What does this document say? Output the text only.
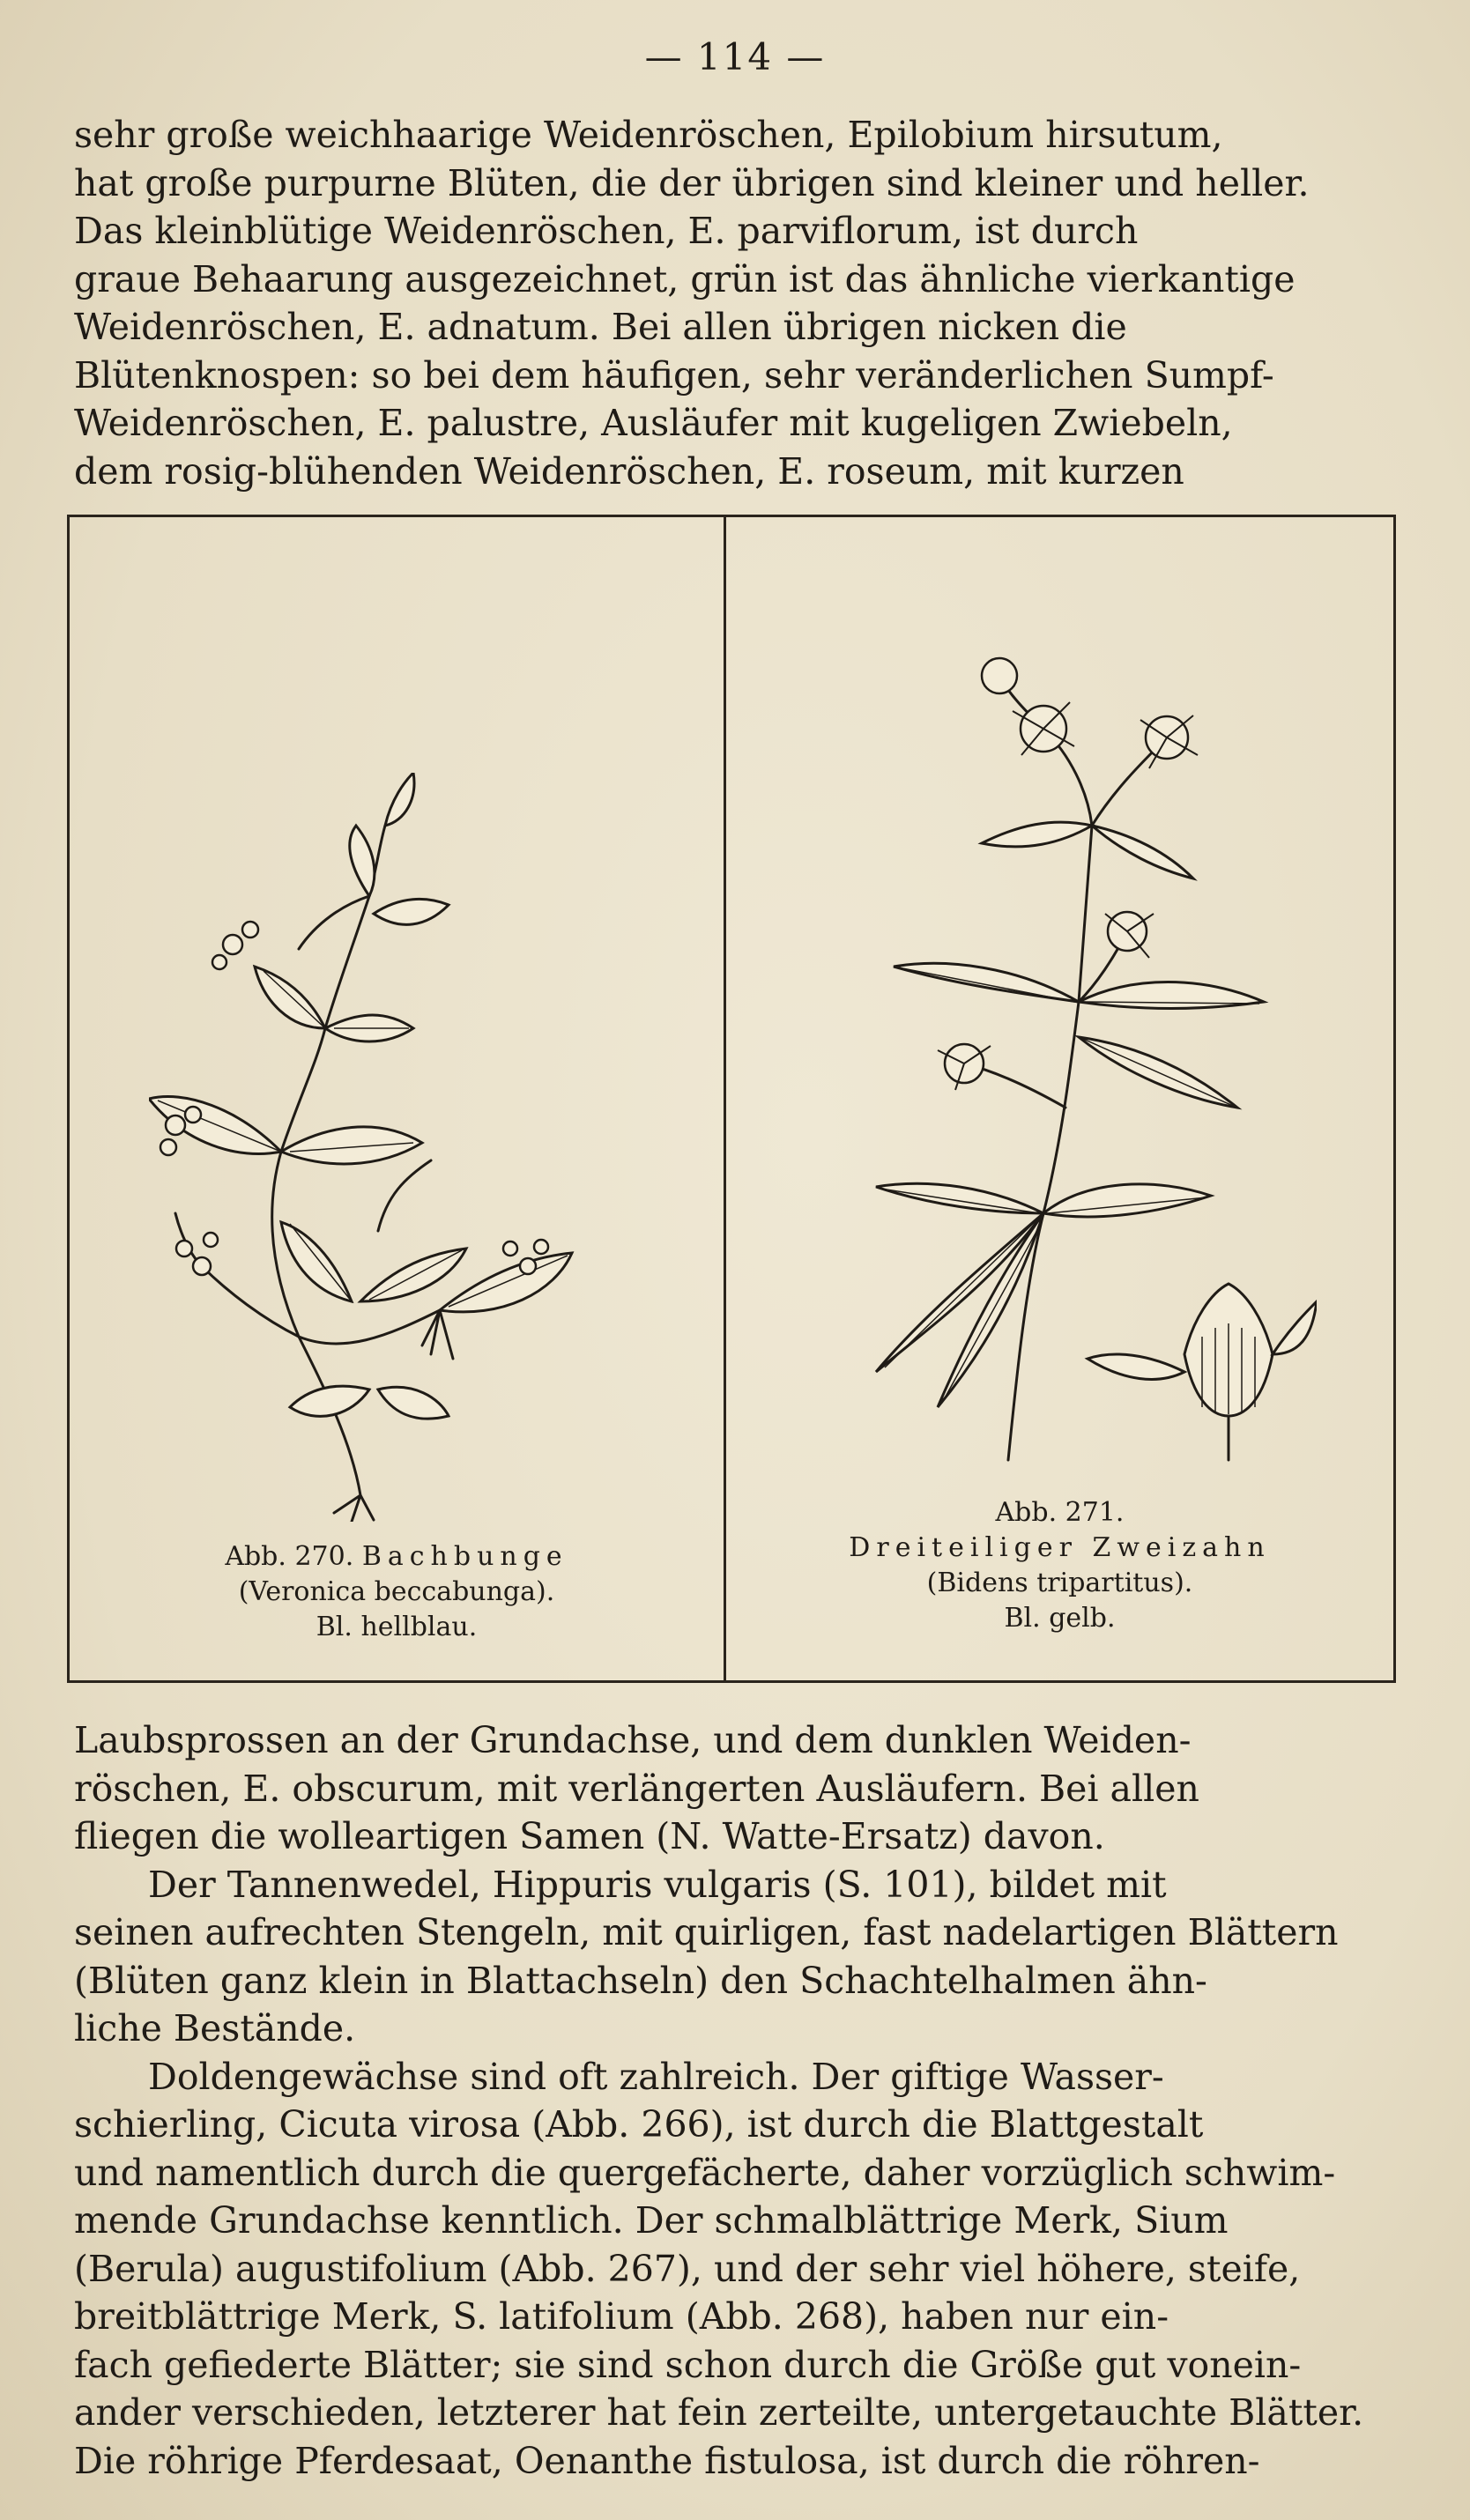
— 114 —
sehr große weichhaarige Weidenröschen, Epilobium hirsutum,
hat große purpurne Blüten, die der übrigen sind kleiner und heller.
Das kleinblütige Weidenröschen, E. parviflorum, ist durch
graue Behaarung ausgezeichnet, grün ist das ähnliche vierkantige
Weidenröschen, E. adnatum. Bei allen übrigen nicken die
Blütenknospen: so bei dem häufigen, sehr veränderlichen Sumpf-
Weidenröschen, E. palustre, Ausläufer mit kugeligen Zwiebeln,
dem rosig-blühenden Weidenröschen, E. roseum, mit kurzen
Abb. 270. Bachbunge
(Veronica beccabunga).
Bl. hellblau.
Abb. 271.
Dreiteiliger Zweizahn
(Bidens tripartitus).
Bl. gelb.
Laubsprossen an der Grundachse, und dem dunklen Weiden-
röschen, E. obscurum, mit verlängerten Ausläufern. Bei allen
fliegen die wolleartigen Samen (N. Watte-Ersatz) davon.
Der Tannenwedel, Hippuris vulgaris (S. 101), bildet mit
seinen aufrechten Stengeln, mit quirligen, fast nadelartigen Blättern
(Blüten ganz klein in Blattachseln) den Schachtelhalmen ähn-
liche Bestände.
Doldengewächse sind oft zahlreich. Der giftige Wasser-
schierling, Cicuta virosa (Abb. 266), ist durch die Blattgestalt
und namentlich durch die quergefächerte, daher vorzüglich schwim-
mende Grundachse kenntlich. Der schmalblättrige Merk, Sium
(Berula) augustifolium (Abb. 267), und der sehr viel höhere, steife,
breitblättrige Merk, S. latifolium (Abb. 268), haben nur ein-
fach gefiederte Blätter; sie sind schon durch die Größe gut vonein-
ander verschieden, letzterer hat fein zerteilte, untergetauchte Blätter.
Die röhrige Pferdesaat, Oenanthe fistulosa, ist durch die röhren-
